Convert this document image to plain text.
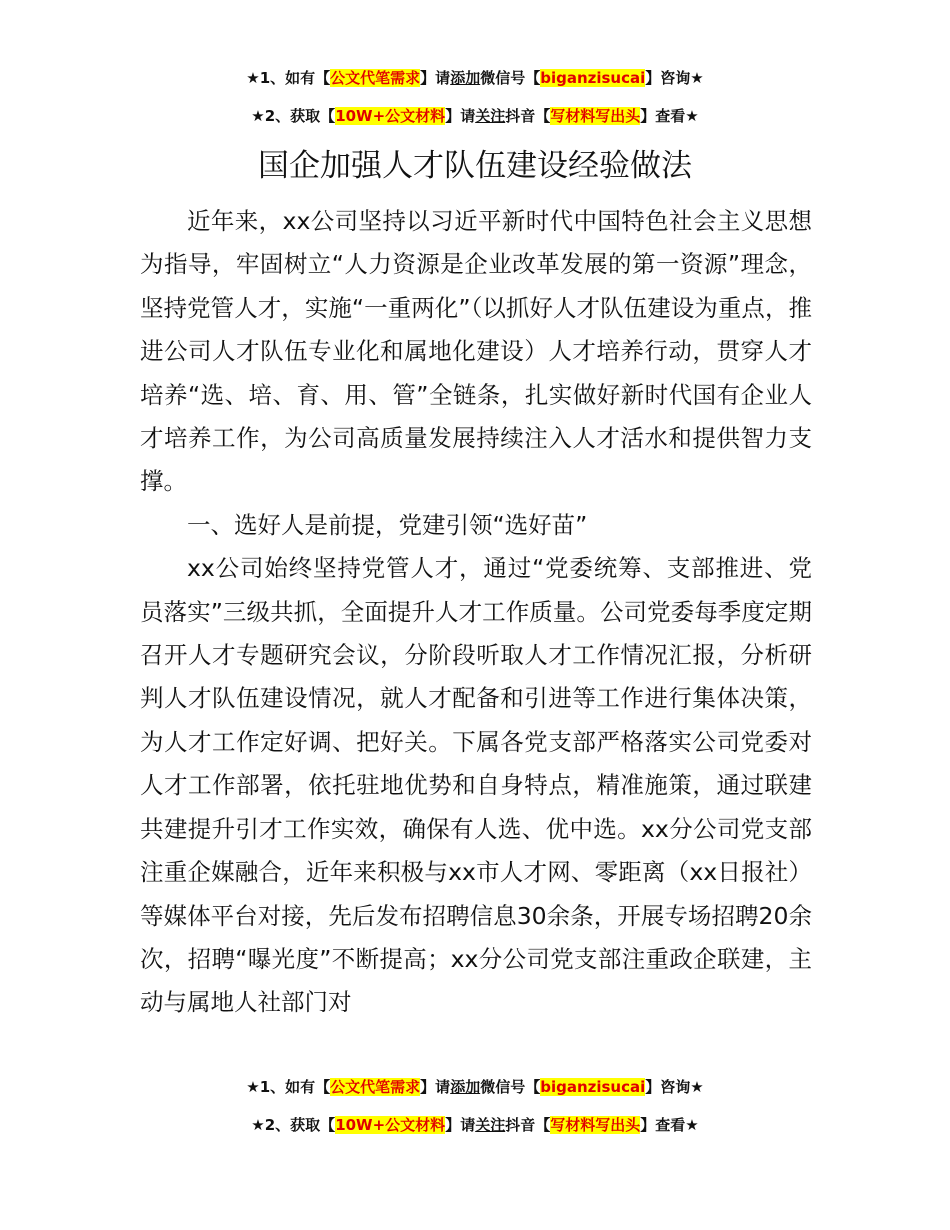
★1、如有【公文代笔需求】请添加微信号【biganzisucai】咨询★
★2、获取【10W+公文材料】请关注抖音【写材料写出头】查看★
国企加强人才队伍建设经验做法

近年来，xx公司坚持以习近平新时代中国特色社会主义思想为指导，牢固树立“人力资源是企业改革发展的第一资源”理念，坚持党管人才，实施“一重两化”（以抓好人才队伍建设为重点，推进公司人才队伍专业化和属地化建设）人才培养行动，贯穿人才培养“选、培、育、用、管”全链条，扎实做好新时代国有企业人才培养工作，为公司高质量发展持续注入人才活水和提供智力支撑。

一、选好人是前提，党建引领“选好苗”

xx公司始终坚持党管人才，通过“党委统筹、支部推进、党员落实”三级共抓，全面提升人才工作质量。公司党委每季度定期召开人才专题研究会议，分阶段听取人才工作情况汇报，分析研判人才队伍建设情况，就人才配备和引进等工作进行集体决策，为人才工作定好调、把好关。下属各党支部严格落实公司党委对人才工作部署，依托驻地优势和自身特点，精准施策，通过联建共建提升引才工作实效，确保有人选、优中选。xx分公司党支部注重企媒融合，近年来积极与xx市人才网、零距离（xx日报社）等媒体平台对接，先后发布招聘信息30余条，开展专场招聘20余次，招聘“曝光度”不断提高；xx分公司党支部注重政企联建，主动与属地人社部门对

★1、如有【公文代笔需求】请添加微信号【biganzisucai】咨询★
★2、获取【10W+公文材料】请关注抖音【写材料写出头】查看★
